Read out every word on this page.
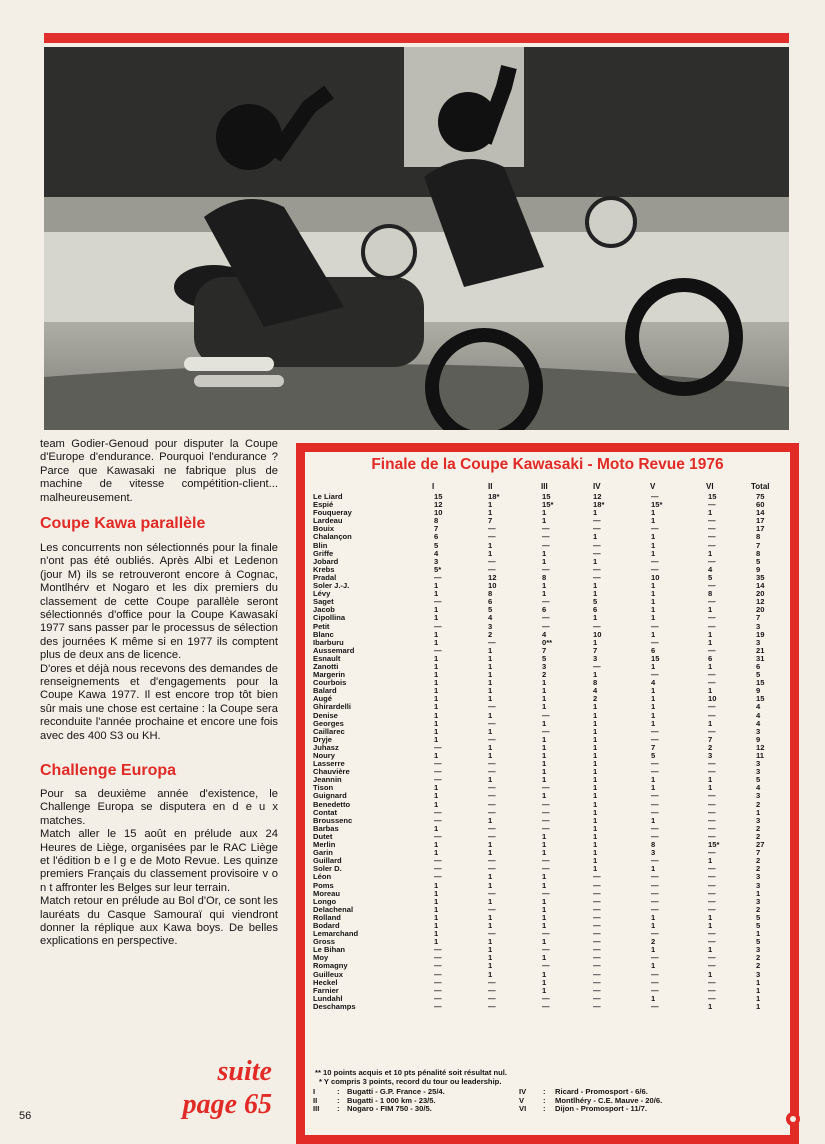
team Godier-Genoud pour disputer la Coupe d'Europe d'endurance. Pourquoi l'endurance ? Parce que Kawasaki ne fabrique plus de machine de vitesse compétition-client... malheureusement.

Coupe Kawa parallèle

Les concurrents non sélectionnés pour la finale n'ont pas été oubliés. Après Albi et Ledenon (jour M) ils se retrouveront encore à Cognac, Montlhérv et Nogaro et les dix premiers du classement de cette Coupe parallèle seront sélectionnés d'office pour la Coupe Kawasakí 1977 sans passer par le processus de sélection des journées K même si en 1977 ils comptent plus de deux ans de licence.

D'ores et déjà nous recevons des demandes de renseignements et d'engagements pour la Coupe Kawa 1977. Il est encore trop tôt bien sûr mais une chose est certaine : la Coupe sera reconduite l'année prochaine et encore une fois avec des 400 S3 ou KH.

Challenge Europa

Pour sa deuxième année d'existence, le Challenge Europa se disputera en d e u x matches.

Match aller le 15 août en prélude aux 24 Heures de Liège, organisées par le RAC Liège et l'édition b e l g e de Moto Revue. Les quinze premiers Français du classement provisoire v o n t affronter les Belges sur leur terrain.

Match retour en prélude au Bol d'Or, ce sont les lauréats du Casque Samouraï qui viendront donner la réplique aux Kawa boys. De belles explications en perspective.

suite
page 65
56
Finale de la Coupe Kawasaki - Moto Revue 1976
I	II	III	IV	V	VI	Total
Le Liard	15	18*	15	12	—	15	75
Espié	12	1	15*	18*	15*	—	60
Fouqueray	10	1	1	1	1	1	14
Lardeau	8	7	1	—	1	—	17
Bouix	7	—	—	—	—	—	17
Chalançon	6	—	—	1	1	—	8
Blin	5	1	—	—	1	—	7
Griffe	4	1	1	—	1	1	8
Jobard	3	—	1	1	—	—	5
Krebs	5*	—	—	—	—	4	9
Pradal	—	12	8	—	10	5	35
Soler J.-J.	1	10	1	1	1	—	14
Lévy	1	8	1	1	1	8	20
Saget	—	6	—	5	1	—	12
Jacob	1	5	6	6	1	1	20
Cipollina	1	4	—	1	1	—	7
Petit	—	3	—	—	—	—	3
Blanc	1	2	4	10	1	1	19
Ibarburu	1	—	0**	1	—	1	3
Aussemard	—	1	7	7	6	—	21
Esnault	1	1	5	3	15	6	31
Zanotti	1	1	3	—	1	1	6
Margerin	1	1	2	1	—	—	5
Courbois	1	1	1	8	4	—	15
Balard	1	1	1	4	1	1	9
Augé	1	1	1	2	1	10	15
Ghirardelli	1	—	1	1	1	—	4
Denise	1	1	—	1	1	—	4
Georges	1	—	1	1	1	1	4
Caillarec	1	1	—	1	—	—	3
Dryje	1	—	1	1	—	7	9
Juhasz	—	1	1	1	7	2	12
Noury	1	1	1	1	5	3	11
Lasserre	—	—	1	1	—	—	3
Chauvière	—	—	1	1	—	—	3
Jeannin	—	1	1	1	1	1	5
Tison	1	—	—	1	1	1	4
Guignard	1	—	1	1	—	—	3
Benedetto	1	—	—	1	—	—	2
Contat	—	—	—	1	—	—	1
Broussenc	—	1	—	1	1	—	3
Barbas	1	—	—	1	—	—	2
Dutet	—	—	1	1	—	—	2
Merlin	1	1	1	1	8	15*	27
Garin	1	1	1	1	3	—	7
Guillard	—	—	—	1	—	1	2
Soler D.	—	—	—	1	1	—	2
Léon	—	1	1	—	—	—	3
Poms	1	1	1	—	—	—	3
Moreau	1	—	—	—	—	—	1
Longo	1	1	1	—	—	—	3
Delachenal	1	—	1	—	—	—	2
Rolland	1	1	1	—	1	1	5
Bodard	1	1	1	—	1	1	5
Lemarchand	1	—	—	—	—	—	1
Gross	1	1	1	—	2	—	5
Le Bihan	—	1	—	—	1	1	3
Moy	—	1	1	—	—	—	2
Romagny	—	1	—	—	1	—	2
Guilleux	—	1	1	—	—	1	3
Heckel	—	—	1	—	—	—	1
Farnier	—	—	1	—	—	—	1
Lundahl	—	—	—	—	1	—	1
Deschamps	—	—	—	—	—	1	1
** 10 points acquis et 10 pts pénalité soit résultat nul.
* Y compris 3 points, record du tour ou leadership.
I	: Bugatti - G.P. France - 25/4.	IV : Ricard - Promosport - 6/6.
II	: Bugatti - 1 000 km - 23/5.	V : Montlhéry - C.E. Mauve - 20/6.
III : Nogaro - FIM 750 - 30/5.	VI : Dijon - Promosport - 11/7.
